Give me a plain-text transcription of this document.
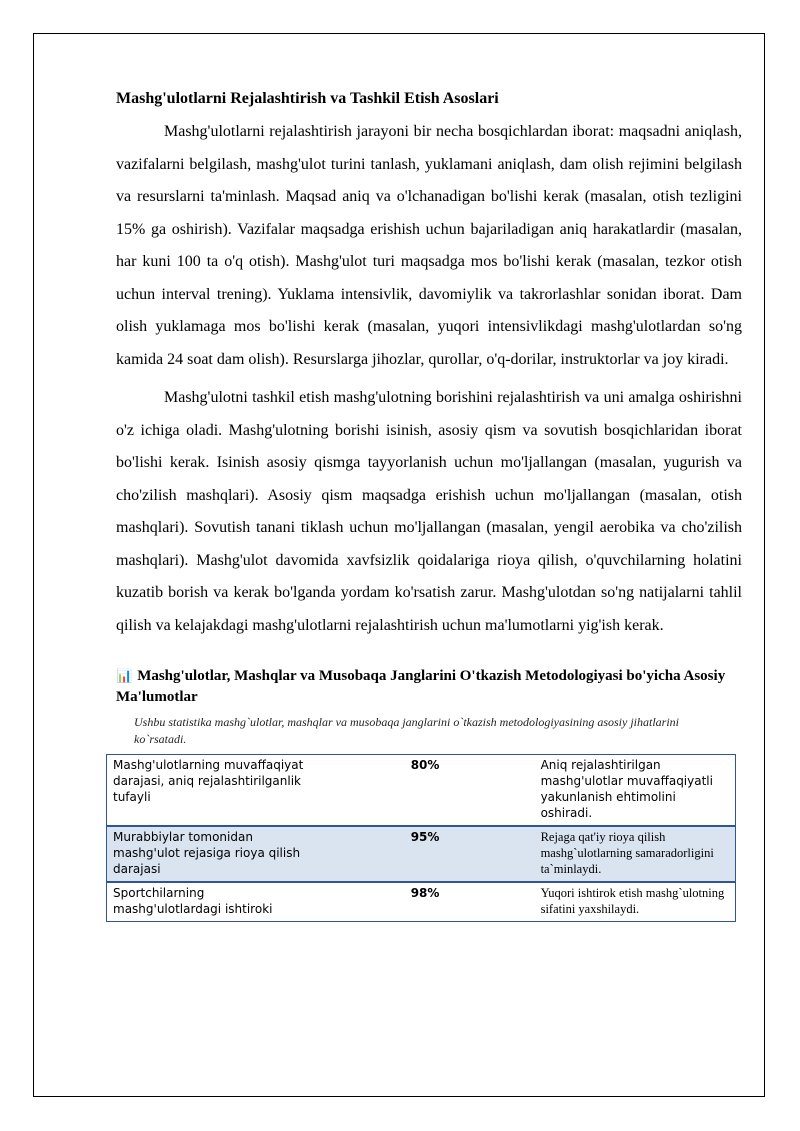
Mashg'ulotlarni Rejalashtirish va Tashkil Etish Asoslari

Mashg'ulotlarni rejalashtirish jarayoni bir necha bosqichlardan iborat: maqsadni aniqlash, vazifalarni belgilash, mashg'ulot turini tanlash, yuklamani aniqlash, dam olish rejimini belgilash va resurslarni ta'minlash. Maqsad aniq va o'lchanadigan bo'lishi kerak (masalan, otish tezligini 15% ga oshirish). Vazifalar maqsadga erishish uchun bajariladigan aniq harakatlardir (masalan, har kuni 100 ta o'q otish). Mashg'ulot turi maqsadga mos bo'lishi kerak (masalan, tezkor otish uchun interval trening). Yuklama intensivlik, davomiylik va takrorlashlar sonidan iborat. Dam olish yuklamaga mos bo'lishi kerak (masalan, yuqori intensivlikdagi mashg'ulotlardan so'ng kamida 24 soat dam olish). Resurslarga jihozlar, qurollar, o'q-dorilar, instruktorlar va joy kiradi.

Mashg'ulotni tashkil etish mashg'ulotning borishini rejalashtirish va uni amalga oshirishni o'z ichiga oladi. Mashg'ulotning borishi isinish, asosiy qism va sovutish bosqichlaridan iborat bo'lishi kerak. Isinish asosiy qismga tayyorlanish uchun mo'ljallangan (masalan, yugurish va cho'zilish mashqlari). Asosiy qism maqsadga erishish uchun mo'ljallangan (masalan, otish mashqlari). Sovutish tanani tiklash uchun mo'ljallangan (masalan, yengil aerobika va cho'zilish mashqlari). Mashg'ulot davomida xavfsizlik qoidalariga rioya qilish, o'quvchilarning holatini kuzatib borish va kerak bo'lganda yordam ko'rsatish zarur. Mashg'ulotdan so'ng natijalarni tahlil qilish va kelajakdagi mashg'ulotlarni rejalashtirish uchun ma'lumotlarni yig'ish kerak.

📊 Mashg'ulotlar, Mashqlar va Musobaqa Janglarini O'tkazish Metodologiyasi bo'yicha Asosiy Ma'lumotlar
Ushbu statistika mashg`ulotlar, mashqlar va musobaqa janglarini o`tkazish metodologiyasining asosiy jihatlarini ko`rsatadi.
Mashg'ulotlarning muvaffaqiyat darajasi, aniq rejalashtirilganlik tufayli	80%	Aniq rejalashtirilgan mashg'ulotlar muvaffaqiyatli yakunlanish ehtimolini oshiradi.
Murabbiylar tomonidan mashg'ulot rejasiga rioya qilish darajasi	95%	Rejaga qat'iy rioya qilish mashg`ulotlarning samaradorligini ta`minlaydi.
Sportchilarning mashg'ulotlardagi ishtiroki	98%	Yuqori ishtirok etish mashg`ulotning sifatini yaxshilaydi.
